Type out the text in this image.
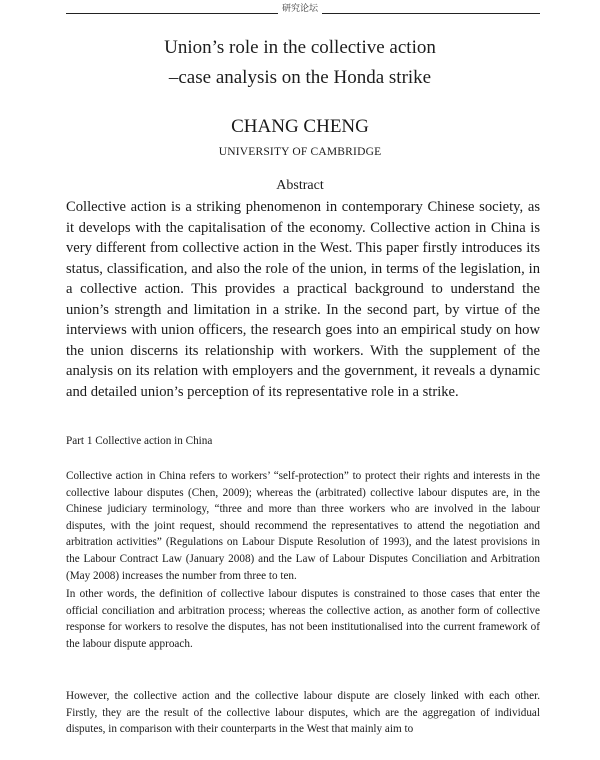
研究论坛
Union’s role in the collective action
–case analysis on the Honda strike
CHANG CHENG
UNIVERSITY OF CAMBRIDGE
Abstract

Collective action is a striking phenomenon in contemporary Chinese society, as it develops with the capitalisation of the economy. Collective action in China is very different from collective action in the West. This paper firstly introduces its status, classification, and also the role of the union, in terms of the legislation, in a collective action. This provides a practical background to understand the union’s strength and limitation in a strike. In the second part, by virtue of the interviews with union officers, the research goes into an empirical study on how the union discerns its relationship with workers. With the supplement of the analysis on its relation with employers and the government, it reveals a dynamic and detailed union’s perception of its representative role in a strike.

Part 1 Collective action in China

Collective action in China refers to workers’ “self-protection” to protect their rights and interests in the collective labour disputes (Chen, 2009); whereas the (arbitrated) collective labour disputes are, in the Chinese judiciary terminology, “three and more than three workers who are involved in the labour disputes, with the joint request, should recommend the representatives to attend the negotiation and arbitration activities” (Regulations on Labour Dispute Resolution of 1993), and the latest provisions in the Labour Contract Law (January 2008) and the Law of Labour Disputes Conciliation and Arbitration (May 2008) increases the number from three to ten.

In other words, the definition of collective labour disputes is constrained to those cases that enter the official conciliation and arbitration process; whereas the collective action, as another form of collective response for workers to resolve the disputes, has not been institutionalised into the current framework of the labour dispute approach.

However, the collective action and the collective labour dispute are closely linked with each other. Firstly, they are the result of the collective labour disputes, which are the aggregation of individual disputes, in comparison with their counterparts in the West that mainly aim to
